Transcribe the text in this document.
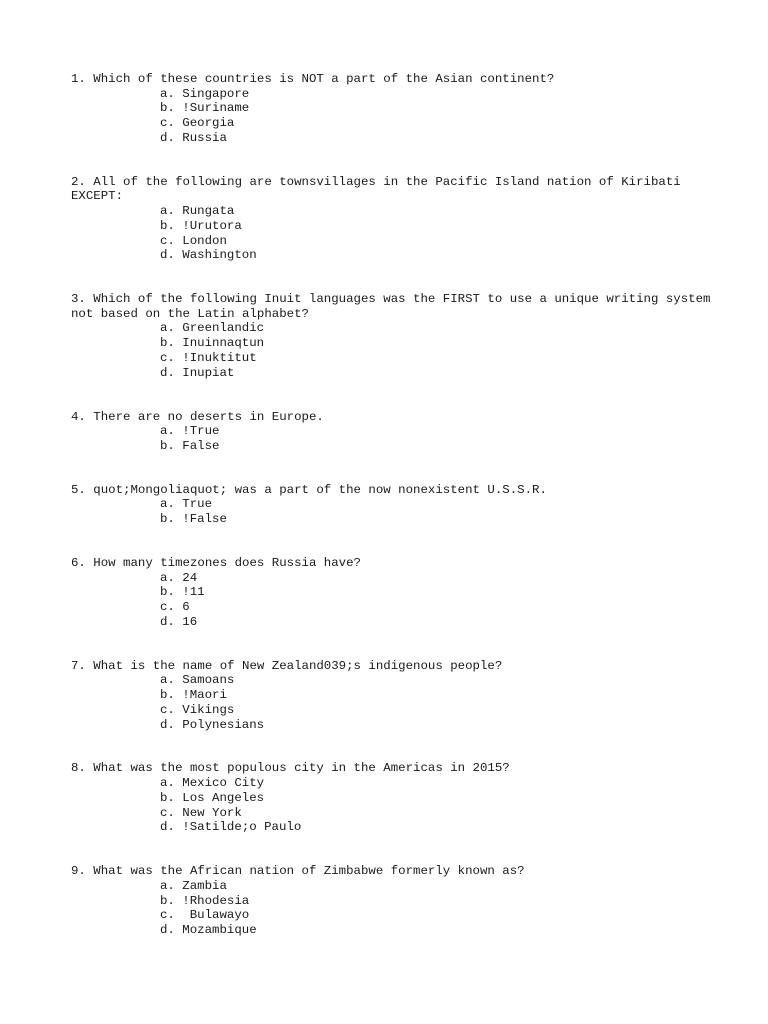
1. Which of these countries is NOT a part of the Asian continent?

a. Singapore
b. !Suriname
c. Georgia
d. Russia

2. All of the following are townsvillages in the Pacific Island nation of Kiribati EXCEPT:

a. Rungata
b. !Urutora
c. London
d. Washington

3. Which of the following Inuit languages was the FIRST to use a unique writing system not based on the Latin alphabet?

a. Greenlandic
b. Inuinnaqtun
c. !Inuktitut
d. Inupiat

4. There are no deserts in Europe.

a. !True
b. False

5. quot;Mongoliaquot; was a part of the now nonexistent U.S.S.R.

a. True
b. !False

6. How many timezones does Russia have?

a. 24
b. !11
c. 6
d. 16

7. What is the name of New Zealand039;s indigenous people?

a. Samoans
b. !Maori
c. Vikings
d. Polynesians

8. What was the most populous city in the Americas in 2015?

a. Mexico City
b. Los Angeles
c. New York
d. !Satilde;o Paulo

9. What was the African nation of Zimbabwe formerly known as?

a. Zambia
b. !Rhodesia
c.  Bulawayo
d. Mozambique
